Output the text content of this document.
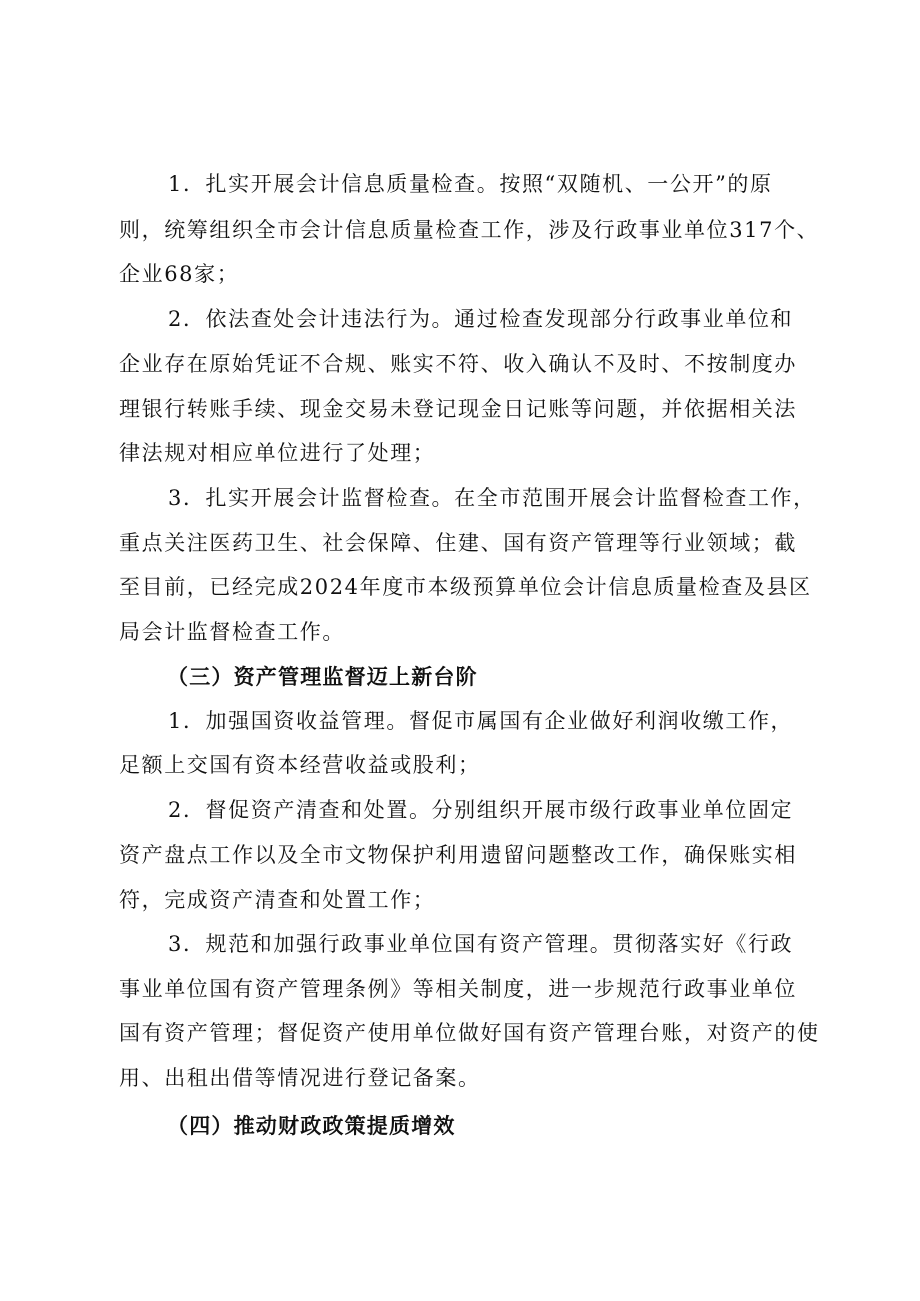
1．扎实开展会计信息质量检查。按照“双随机、一公开”的原
则，统筹组织全市会计信息质量检查工作，涉及行政事业单位317个、
企业68家；
2．依法查处会计违法行为。通过检查发现部分行政事业单位和
企业存在原始凭证不合规、账实不符、收入确认不及时、不按制度办
理银行转账手续、现金交易未登记现金日记账等问题，并依据相关法
律法规对相应单位进行了处理；
3．扎实开展会计监督检查。在全市范围开展会计监督检查工作，
重点关注医药卫生、社会保障、住建、国有资产管理等行业领域；截
至目前，已经完成2024年度市本级预算单位会计信息质量检查及县区
局会计监督检查工作。
（三）资产管理监督迈上新台阶
1．加强国资收益管理。督促市属国有企业做好利润收缴工作，
足额上交国有资本经营收益或股利；
2．督促资产清查和处置。分别组织开展市级行政事业单位固定
资产盘点工作以及全市文物保护利用遗留问题整改工作，确保账实相
符，完成资产清查和处置工作；
3．规范和加强行政事业单位国有资产管理。贯彻落实好《行政
事业单位国有资产管理条例》等相关制度，进一步规范行政事业单位
国有资产管理；督促资产使用单位做好国有资产管理台账，对资产的使
用、出租出借等情况进行登记备案。
（四）推动财政政策提质增效
